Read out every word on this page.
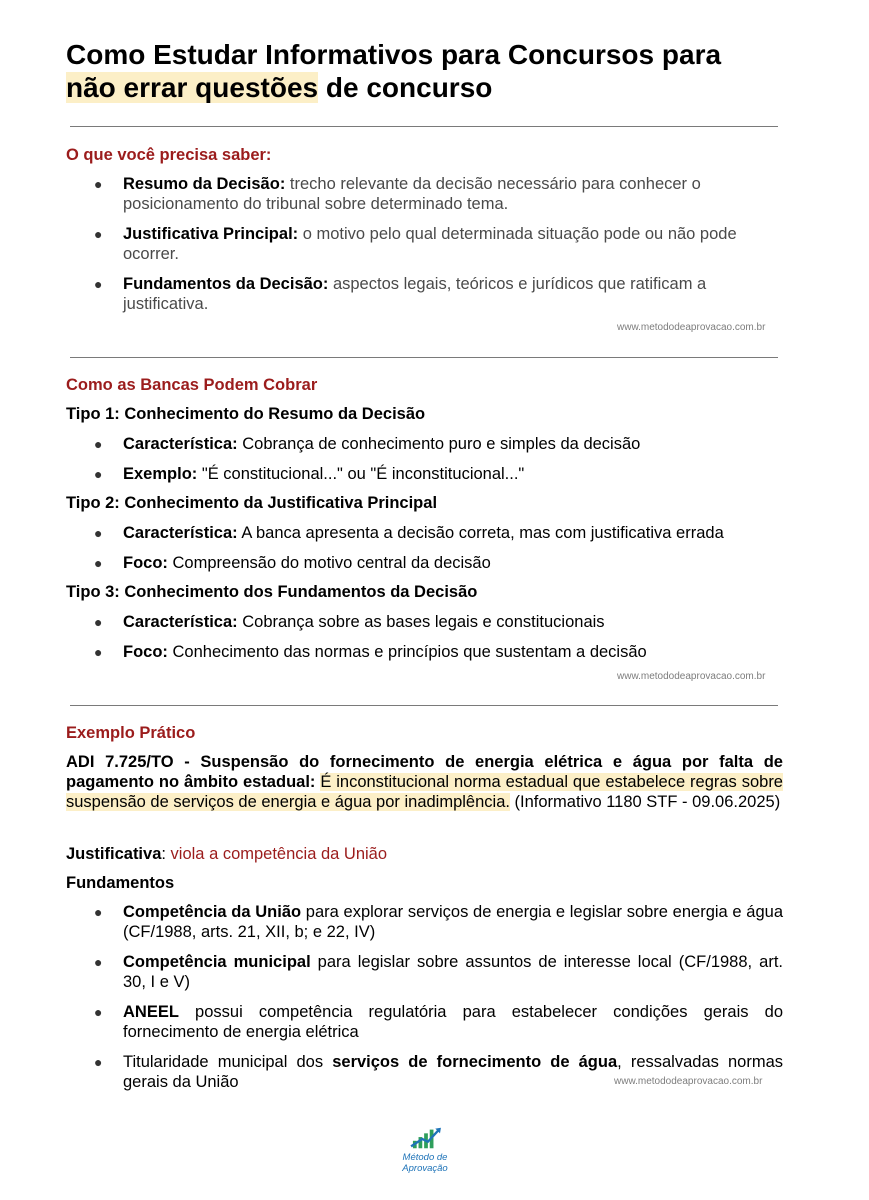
Como Estudar Informativos para Concursos para
não errar questões de concurso
O que você precisa saber:
● Resumo da Decisão: trecho relevante da decisão necessário para conhecer o posicionamento do tribunal sobre determinado tema.
● Justificativa Principal: o motivo pelo qual determinada situação pode ou não pode ocorrer.
● Fundamentos da Decisão: aspectos legais, teóricos e jurídicos que ratificam a justificativa.
www.metododeaprovacao.com.br
Como as Bancas Podem Cobrar
Tipo 1: Conhecimento do Resumo da Decisão
● Característica: Cobrança de conhecimento puro e simples da decisão
● Exemplo: "É constitucional..." ou "É inconstitucional..."
Tipo 2: Conhecimento da Justificativa Principal
● Característica: A banca apresenta a decisão correta, mas com justificativa errada
● Foco: Compreensão do motivo central da decisão
Tipo 3: Conhecimento dos Fundamentos da Decisão
● Característica: Cobrança sobre as bases legais e constitucionais
● Foco: Conhecimento das normas e princípios que sustentam a decisão
www.metododeaprovacao.com.br
Exemplo Prático

ADI 7.725/TO - Suspensão do fornecimento de energia elétrica e água por falta de pagamento no âmbito estadual: É inconstitucional norma estadual que estabelece regras sobre suspensão de serviços de energia e água por inadimplência. (Informativo 1180 STF - 09.06.2025)

Justificativa: viola a competência da União

Fundamentos

● Competência da União para explorar serviços de energia e legislar sobre energia e água (CF/1988, arts. 21, XII, b; e 22, IV)
● Competência municipal para legislar sobre assuntos de interesse local (CF/1988, art. 30, I e V)
● ANEEL possui competência regulatória para estabelecer condições gerais do fornecimento de energia elétrica
● Titularidade municipal dos serviços de fornecimento de água, ressalvadas normas gerais da União	www.metododeaprovacao.com.br
Método de
Aprovação
